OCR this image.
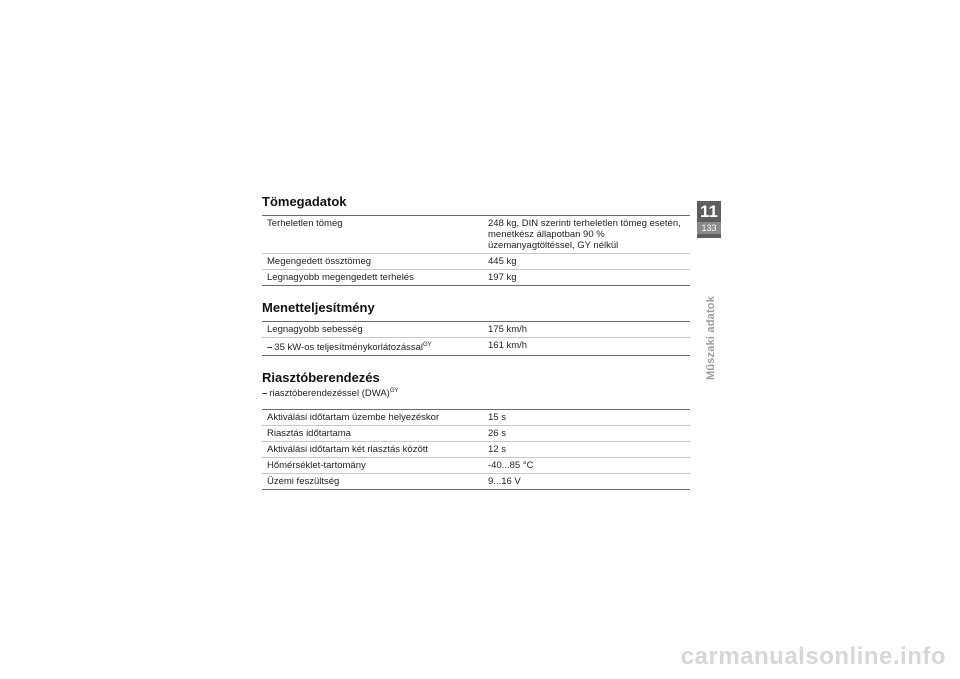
Tömegadatok
Terheletlen tömeg	248 kg, DIN szerinti terheletlen tömeg esetén, menetkész állapotban 90 % üzemanyagtöltéssel, GY nélkül
Megengedett össztömeg	445 kg
Legnagyobb megengedett terhelés	197 kg
Menetteljesítmény
Legnagyobb sebesség	175 km/h
– 35 kW-os teljesítménykorlátozással$^{GY}$	161 km/h
Riasztóberendezés
– riasztóberendezéssel (DWA)$^{GY}$
Aktiválási időtartam üzembe helyezéskor	15 s
Riasztás időtartama	26 s
Aktiválási időtartam két riasztás között	12 s
Hőmérséklet-tartomány	-40...85 °C
Üzemi feszültség	9...16 V
11
133
Műszaki adatok
carmanualsonline.info
